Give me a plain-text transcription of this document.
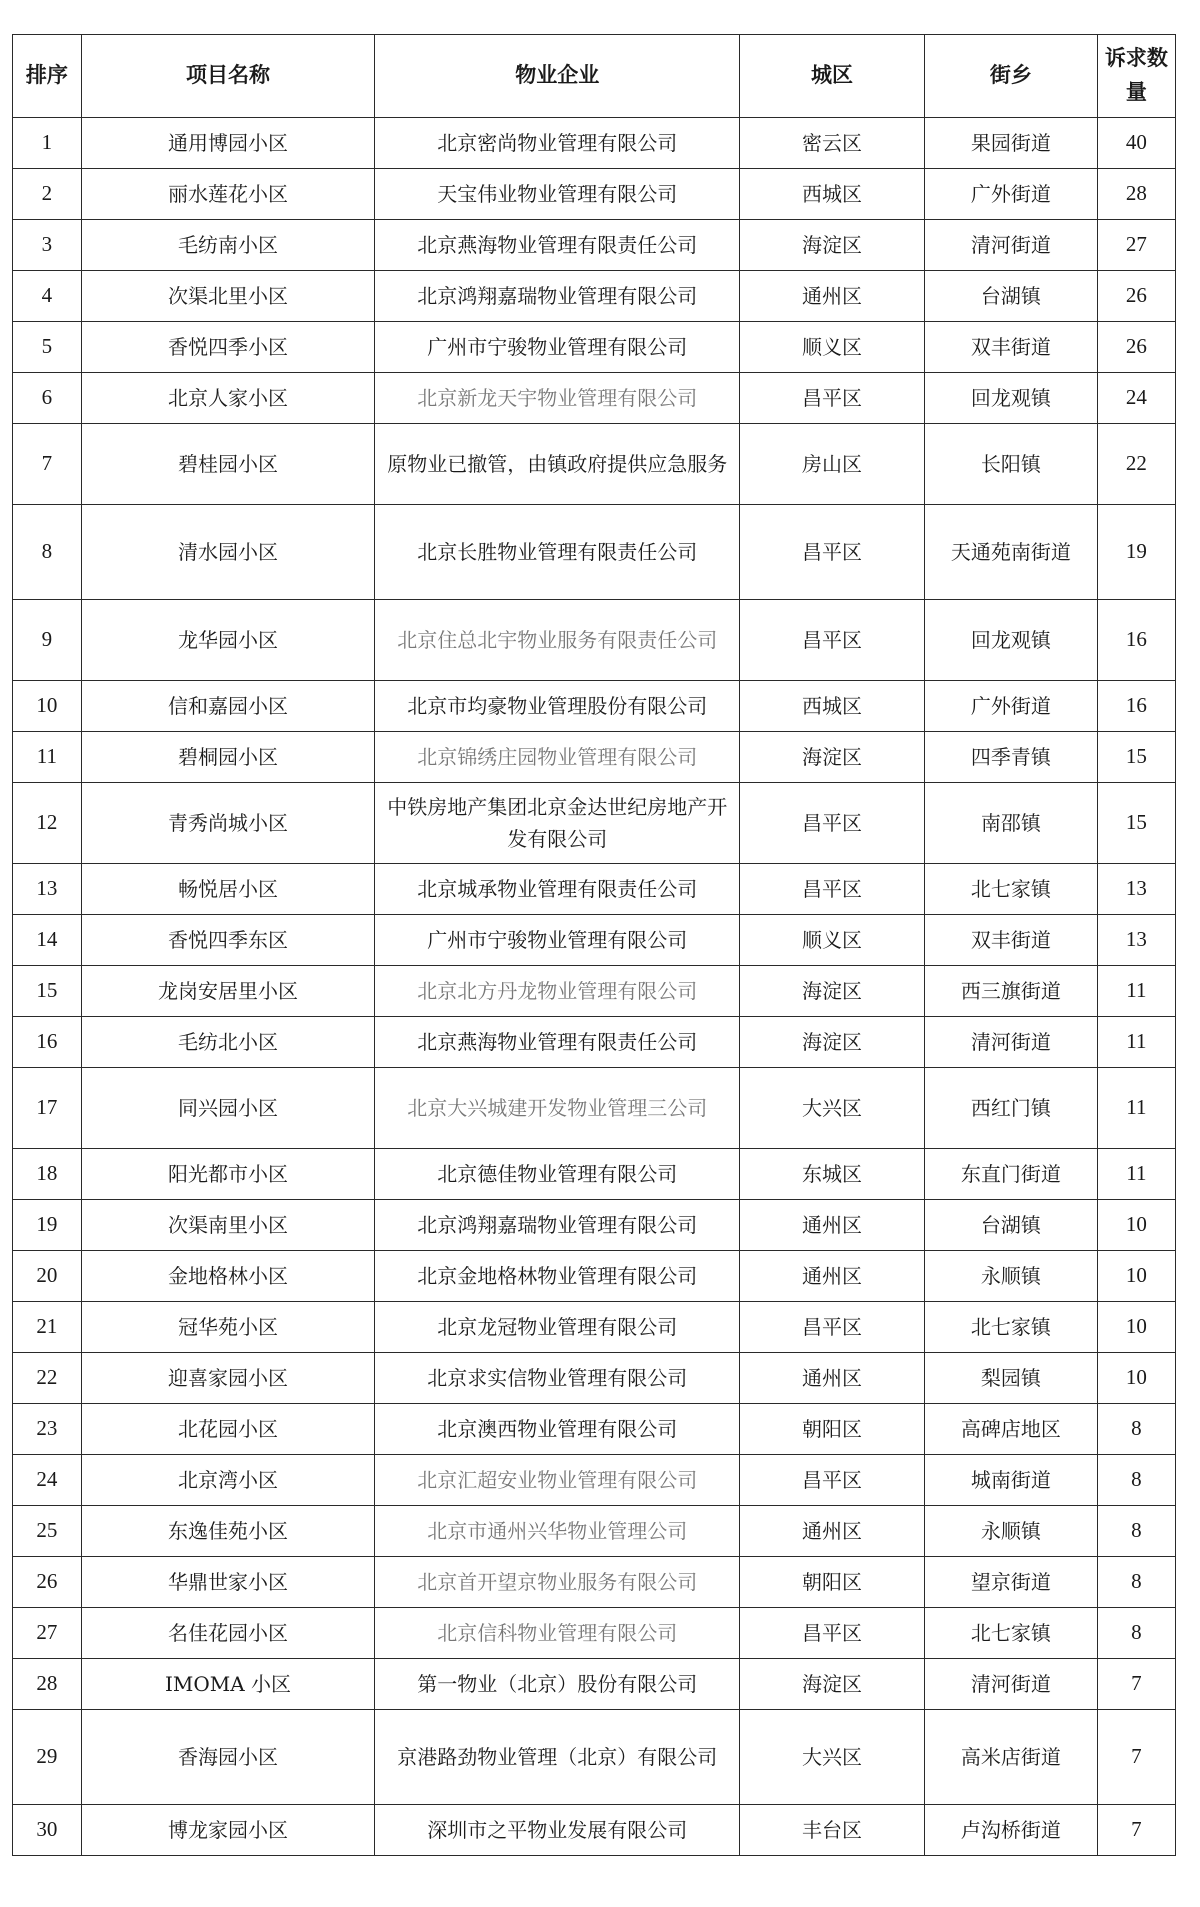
排序	项目名称	物业企业	城区	街乡	诉求数量
1	通用博园小区	北京密尚物业管理有限公司	密云区	果园街道	40
2	丽水莲花小区	天宝伟业物业管理有限公司	西城区	广外街道	28
3	毛纺南小区	北京燕海物业管理有限责任公司	海淀区	清河街道	27
4	次渠北里小区	北京鸿翔嘉瑞物业管理有限公司	通州区	台湖镇	26
5	香悦四季小区	广州市宁骏物业管理有限公司	顺义区	双丰街道	26
6	北京人家小区	北京新龙天宇物业管理有限公司	昌平区	回龙观镇	24
7	碧桂园小区	原物业已撤管，由镇政府提供应急服务	房山区	长阳镇	22
8	清水园小区	北京长胜物业管理有限责任公司	昌平区	天通苑南街道	19
9	龙华园小区	北京住总北宇物业服务有限责任公司	昌平区	回龙观镇	16
10	信和嘉园小区	北京市均豪物业管理股份有限公司	西城区	广外街道	16
11	碧桐园小区	北京锦绣庄园物业管理有限公司	海淀区	四季青镇	15
12	青秀尚城小区	中铁房地产集团北京金达世纪房地产开发有限公司	昌平区	南邵镇	15
13	畅悦居小区	北京城承物业管理有限责任公司	昌平区	北七家镇	13
14	香悦四季东区	广州市宁骏物业管理有限公司	顺义区	双丰街道	13
15	龙岗安居里小区	北京北方丹龙物业管理有限公司	海淀区	西三旗街道	11
16	毛纺北小区	北京燕海物业管理有限责任公司	海淀区	清河街道	11
17	同兴园小区	北京大兴城建开发物业管理三公司	大兴区	西红门镇	11
18	阳光都市小区	北京德佳物业管理有限公司	东城区	东直门街道	11
19	次渠南里小区	北京鸿翔嘉瑞物业管理有限公司	通州区	台湖镇	10
20	金地格林小区	北京金地格林物业管理有限公司	通州区	永顺镇	10
21	冠华苑小区	北京龙冠物业管理有限公司	昌平区	北七家镇	10
22	迎喜家园小区	北京求实信物业管理有限公司	通州区	梨园镇	10
23	北花园小区	北京澳西物业管理有限公司	朝阳区	高碑店地区	8
24	北京湾小区	北京汇超安业物业管理有限公司	昌平区	城南街道	8
25	东逸佳苑小区	北京市通州兴华物业管理公司	通州区	永顺镇	8
26	华鼎世家小区	北京首开望京物业服务有限公司	朝阳区	望京街道	8
27	名佳花园小区	北京信科物业管理有限公司	昌平区	北七家镇	8
28	IMOMA 小区	第一物业（北京）股份有限公司	海淀区	清河街道	7
29	香海园小区	京港路劲物业管理（北京）有限公司	大兴区	高米店街道	7
30	博龙家园小区	深圳市之平物业发展有限公司	丰台区	卢沟桥街道	7
